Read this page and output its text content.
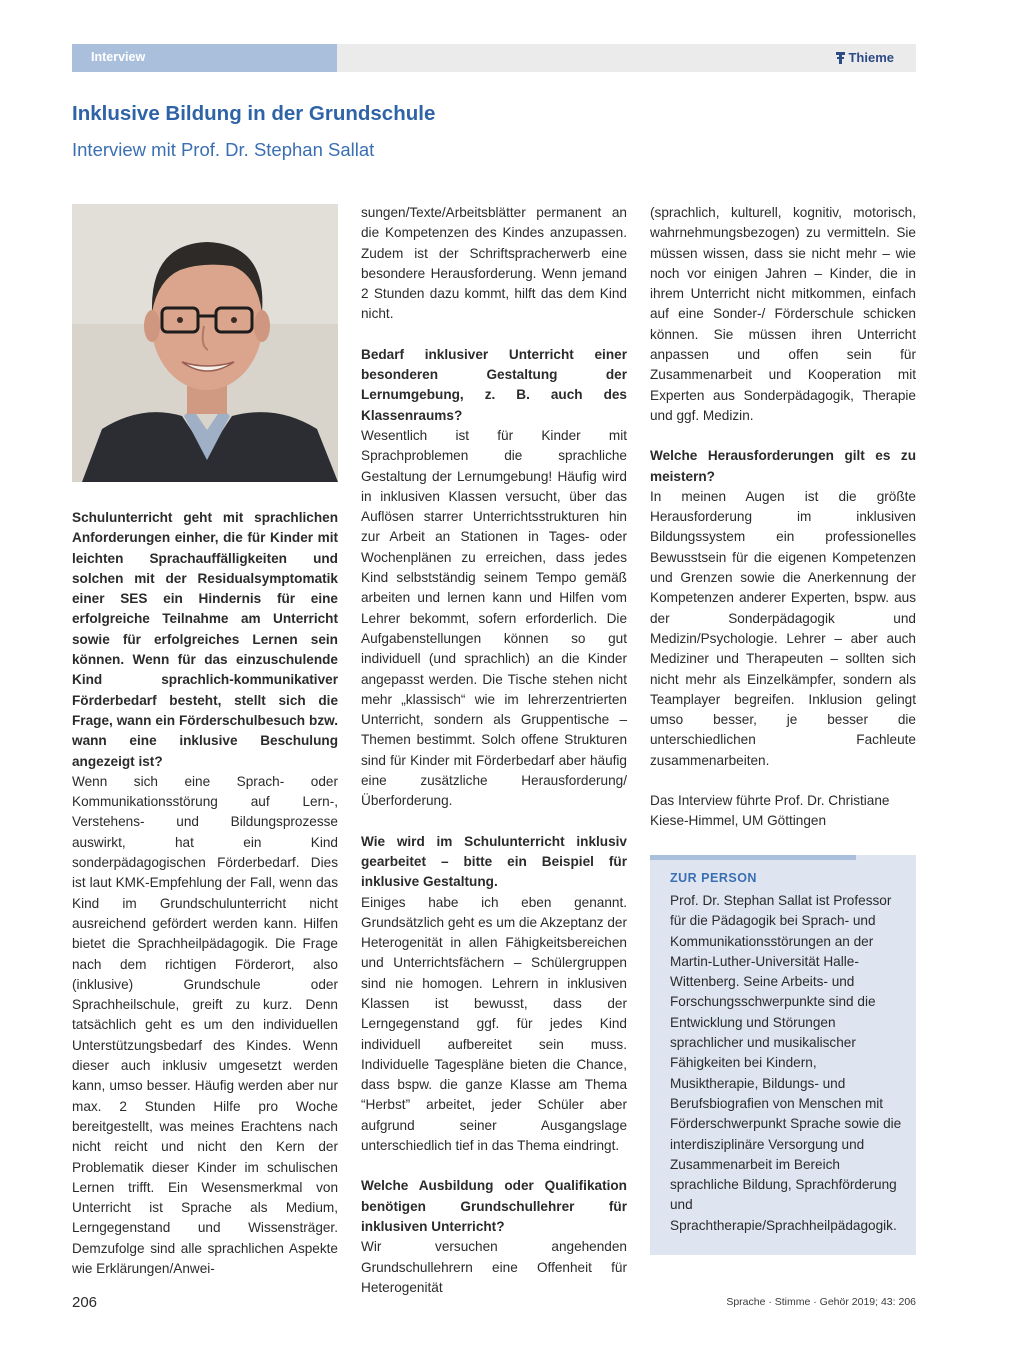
Interview	Thieme
Inklusive Bildung in der Grundschule
Interview mit Prof. Dr. Stephan Sallat

Schulunterricht geht mit sprachlichen Anforderungen einher, die für Kinder mit leichten Sprachauffälligkeiten und solchen mit der Residualsymptomatik einer SES ein Hindernis für eine erfolgreiche Teilnahme am Unterricht sowie für erfolgreiches Lernen sein können. Wenn für das einzuschulende Kind sprachlich-kommunikativer Förderbedarf besteht, stellt sich die Frage, wann ein Förderschulbesuch bzw. wann eine inklusive Beschulung angezeigt ist?
Wenn sich eine Sprach- oder Kommunikationsstörung auf Lern-, Verstehens- und Bildungsprozesse auswirkt, hat ein Kind sonderpädagogischen Förderbedarf. Dies ist laut KMK-Empfehlung der Fall, wenn das Kind im Grundschulunterricht nicht ausreichend gefördert werden kann. Hilfen bietet die Sprachheilpädagogik. Die Frage nach dem richtigen Förderort, also (inklusive) Grundschule oder Sprachheilschule, greift zu kurz. Denn tatsächlich geht es um den individuellen Unterstützungsbedarf des Kindes. Wenn dieser auch inklusiv umgesetzt werden kann, umso besser. Häufig werden aber nur max. 2 Stunden Hilfe pro Woche bereitgestellt, was meines Erachtens nach nicht reicht und nicht den Kern der Problematik dieser Kinder im schulischen Lernen trifft. Ein Wesensmerkmal von Unterricht ist Sprache als Medium, Lerngegenstand und Wissensträger. Demzufolge sind alle sprachlichen Aspekte wie Erklärungen/Anwei-

sungen/Texte/Arbeitsblätter permanent an die Kompetenzen des Kindes anzupassen. Zudem ist der Schriftspracherwerb eine besondere Herausforderung. Wenn jemand 2 Stunden dazu kommt, hilft das dem Kind nicht.

Bedarf inklusiver Unterricht einer besonderen Gestaltung der Lernumgebung, z. B. auch des Klassenraums?
Wesentlich ist für Kinder mit Sprachproblemen die sprachliche Gestaltung der Lernumgebung! Häufig wird in inklusiven Klassen versucht, über das Auflösen starrer Unterrichtsstrukturen hin zur Arbeit an Stationen in Tages- oder Wochenplänen zu erreichen, dass jedes Kind selbstständig seinem Tempo gemäß arbeiten und lernen kann und Hilfen vom Lehrer bekommt, sofern erforderlich. Die Aufgabenstellungen können so gut individuell (und sprachlich) an die Kinder angepasst werden. Die Tische stehen nicht mehr „klassisch“ wie im lehrerzentrierten Unterricht, sondern als Gruppentische – Themen bestimmt. Solch offene Strukturen sind für Kinder mit Förderbedarf aber häufig eine zusätzliche Herausforderung/Überforderung.

Wie wird im Schulunterricht inklusiv gearbeitet – bitte ein Beispiel für inklusive Gestaltung.
Einiges habe ich eben genannt. Grundsätzlich geht es um die Akzeptanz der Heterogenität in allen Fähigkeitsbereichen und Unterrichtsfächern – Schülergruppen sind nie homogen. Lehrern in inklusiven Klassen ist bewusst, dass der Lerngegenstand ggf. für jedes Kind individuell aufbereitet sein muss. Individuelle Tagespläne bieten die Chance, dass bspw. die ganze Klasse am Thema “Herbst” arbeitet, jeder Schüler aber aufgrund seiner Ausgangslage unterschiedlich tief in das Thema eindringt.

Welche Ausbildung oder Qualifikation benötigen Grundschullehrer für inklusiven Unterricht?
Wir versuchen angehenden Grundschullehrern eine Offenheit für Heterogenität

(sprachlich, kulturell, kognitiv, motorisch, wahrnehmungsbezogen) zu vermitteln. Sie müssen wissen, dass sie nicht mehr – wie noch vor einigen Jahren – Kinder, die in ihrem Unterricht nicht mitkommen, einfach auf eine Sonder-/ Förderschule schicken können. Sie müssen ihren Unterricht anpassen und offen sein für Zusammenarbeit und Kooperation mit Experten aus Sonderpädagogik, Therapie und ggf. Medizin.

Welche Herausforderungen gilt es zu meistern?
In meinen Augen ist die größte Herausforderung im inklusiven Bildungssystem ein professionelles Bewusstsein für die eigenen Kompetenzen und Grenzen sowie die Anerkennung der Kompetenzen anderer Experten, bspw. aus der Sonderpädagogik und Medizin/Psychologie. Lehrer – aber auch Mediziner und Therapeuten – sollten sich nicht mehr als Einzelkämpfer, sondern als Teamplayer begreifen. Inklusion gelingt umso besser, je besser die unterschiedlichen Fachleute zusammenarbeiten.

Das Interview führte Prof. Dr. Christiane Kiese-Himmel, UM Göttingen

ZUR PERSON
Prof. Dr. Stephan Sallat ist Professor für die Pädagogik bei Sprach- und Kommunikationsstörungen an der Martin-Luther-Universität Halle-Wittenberg. Seine Arbeits- und Forschungsschwerpunkte sind die Entwicklung und Störungen sprachlicher und musikalischer Fähigkeiten bei Kindern, Musiktherapie, Bildungs- und Berufsbiografien von Menschen mit Förderschwerpunkt Sprache sowie die interdisziplinäre Versorgung und Zusammenarbeit im Bereich sprachliche Bildung, Sprachförderung und Sprachtherapie/Sprachheilpädagogik.
206	Sprache · Stimme · Gehör 2019; 43: 206
